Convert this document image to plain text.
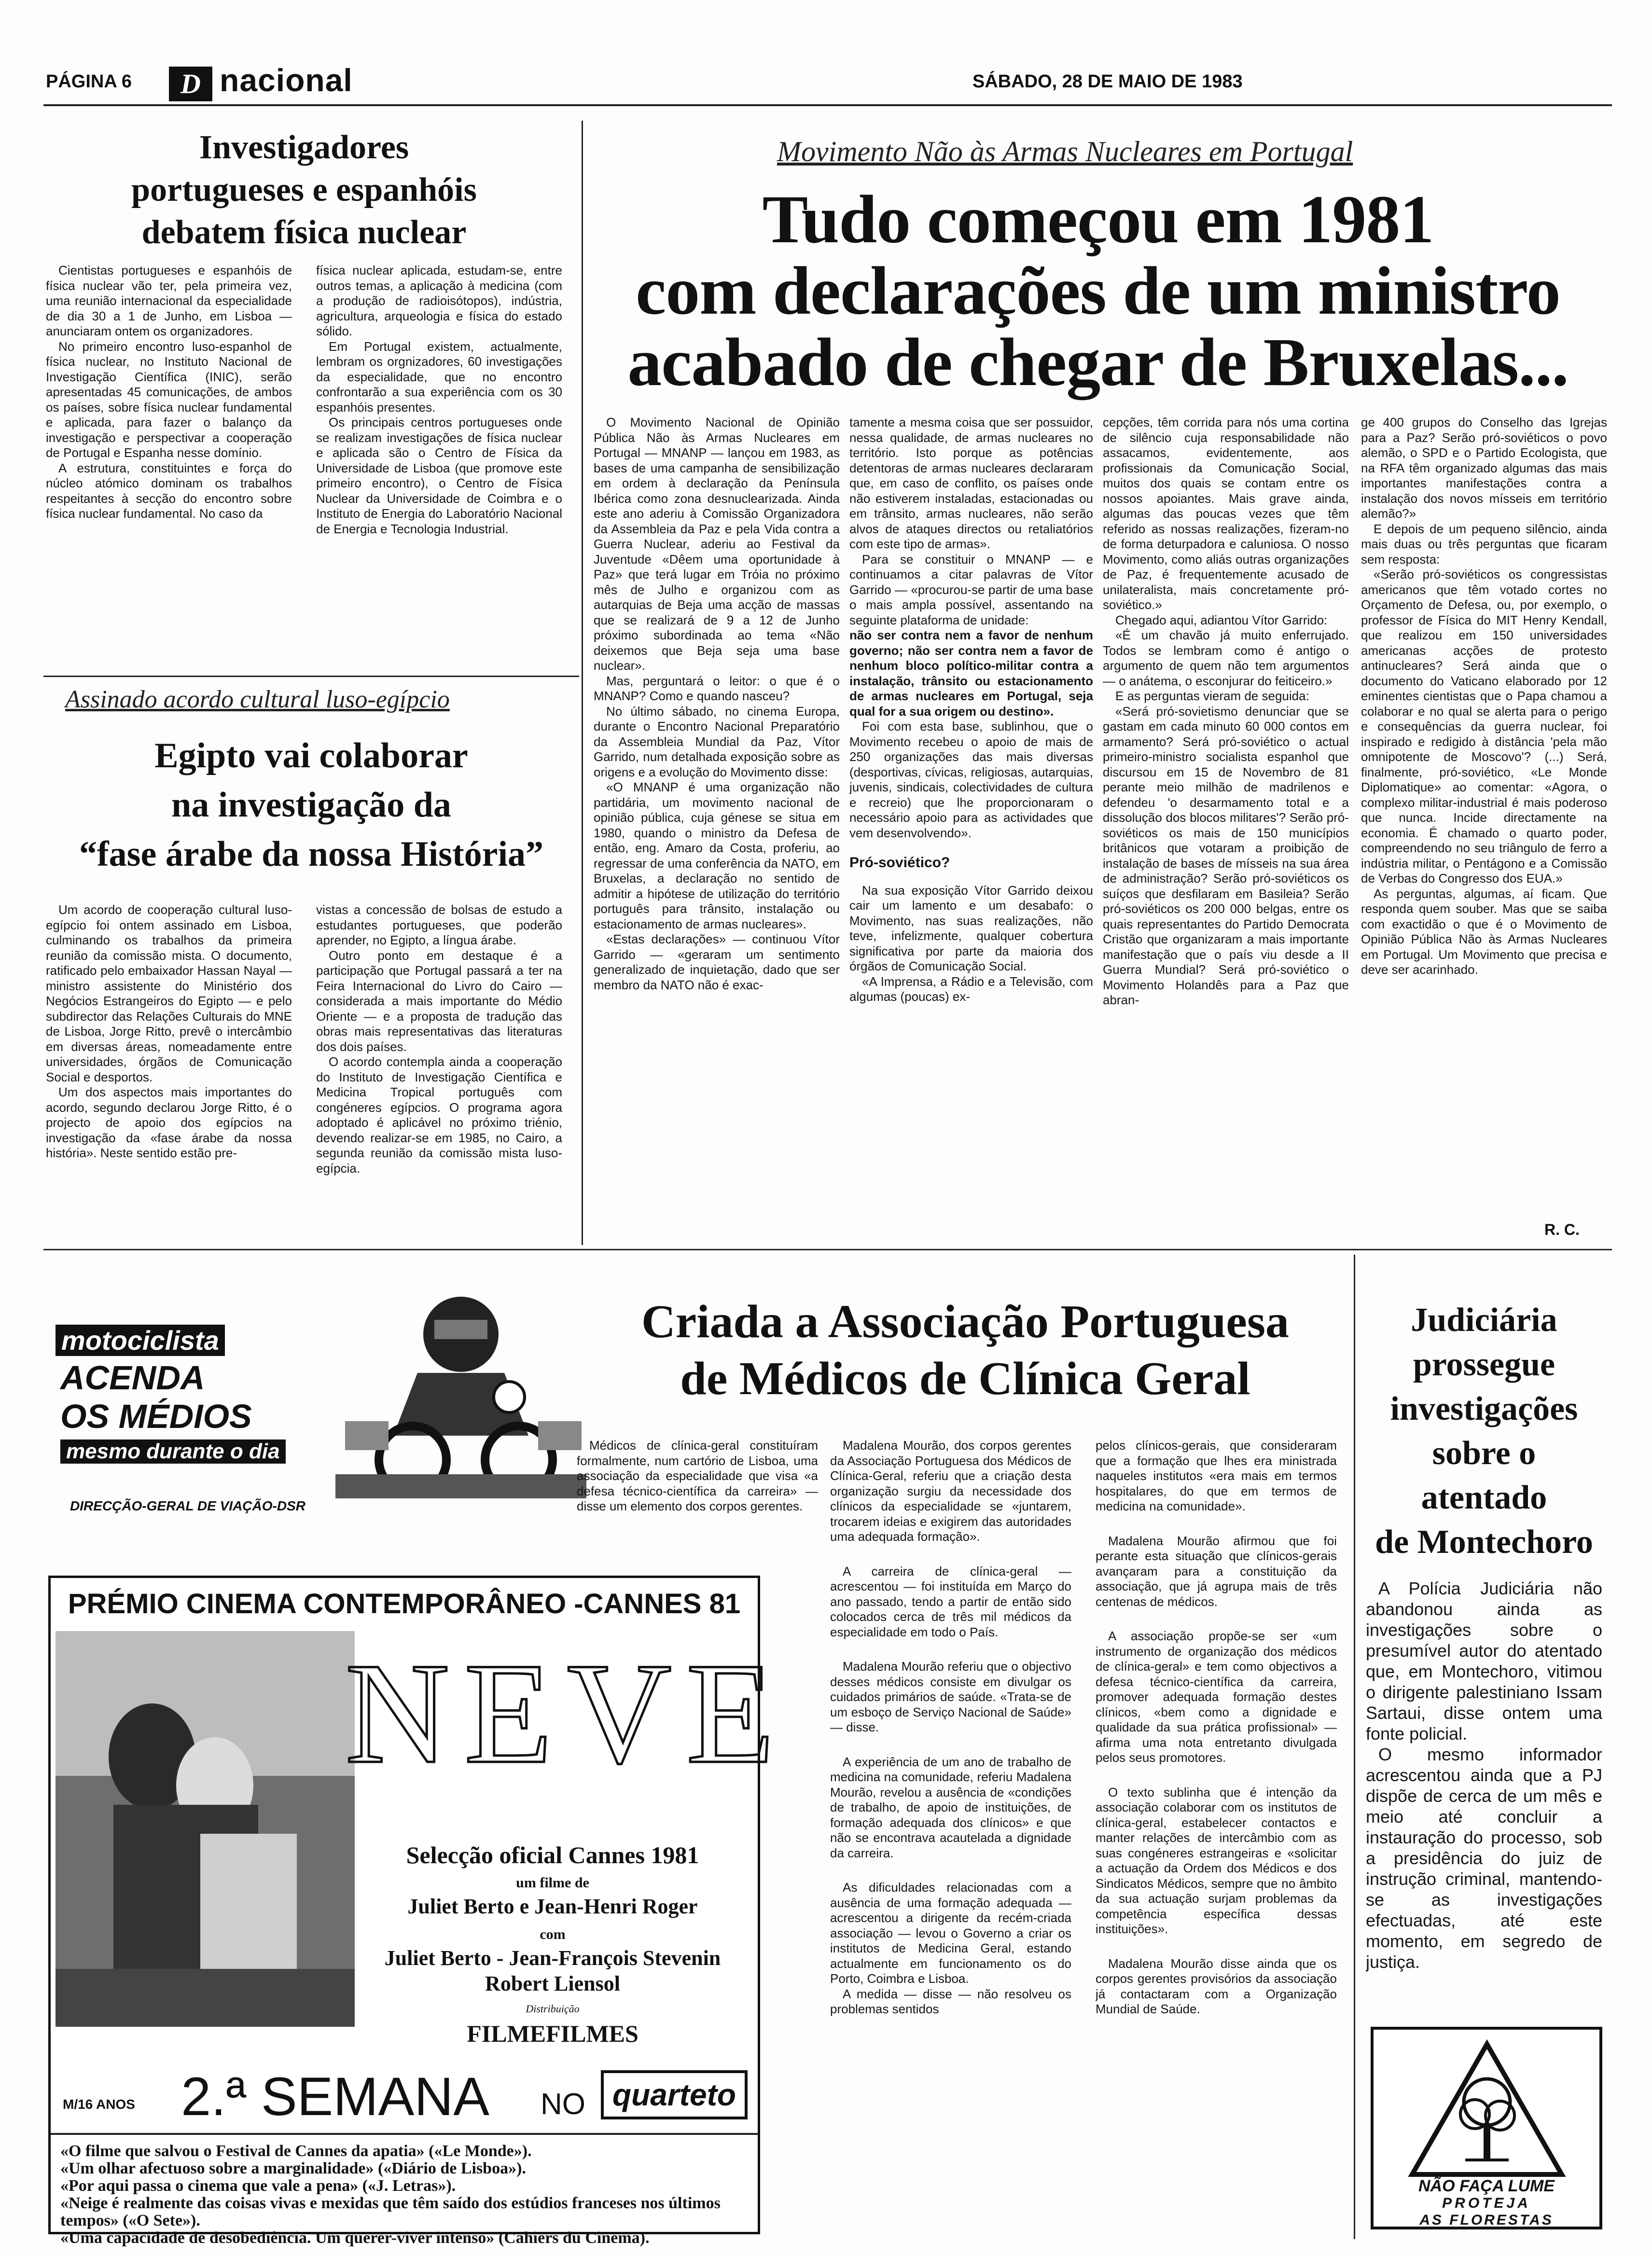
PÁGINA 6	D nacional	SÁBADO, 28 DE MAIO DE 1983
Investigadores
portugueses e espanhóis
debatem física nuclear

Cientistas portugueses e espanhóis de física nuclear vão ter, pela primeira vez, uma reunião internacional da especialidade de dia 30 a 1 de Junho, em Lisboa — anunciaram ontem os organizadores.

No primeiro encontro luso-espanhol de física nuclear, no Instituto Nacional de Investigação Científica (INIC), serão apresentadas 45 comunicações, de ambos os países, sobre física nuclear fundamental e aplicada, para fazer o balanço da investigação e perspectivar a cooperação de Portugal e Espanha nesse domínio.

A estrutura, constituintes e força do núcleo atómico dominam os trabalhos respeitantes à secção do encontro sobre física nuclear fundamental. No caso da

física nuclear aplicada, estudam-se, entre outros temas, a aplicação à medicina (com a produção de radioisótopos), indústria, agricultura, arqueologia e física do estado sólido.

Em Portugal existem, actualmente, lembram os orgnizadores, 60 investigações da especialidade, que no encontro confrontarão a sua experiência com os 30 espanhóis presentes.

Os principais centros portugueses onde se realizam investigações de física nuclear e aplicada são o Centro de Física da Universidade de Lisboa (que promove este primeiro encontro), o Centro de Física Nuclear da Universidade de Coimbra e o Instituto de Energia do Laboratório Nacional de Energia e Tecnologia Industrial.

Assinado acordo cultural luso-egípcio
Egipto vai colaborar
na investigação da
“fase árabe da nossa História”

Um acordo de cooperação cultural luso-egípcio foi ontem assinado em Lisboa, culminando os trabalhos da primeira reunião da comissão mista. O documento, ratificado pelo embaixador Hassan Nayal — ministro assistente do Ministério dos Negócios Estrangeiros do Egipto — e pelo subdirector das Relações Culturais do MNE de Lisboa, Jorge Ritto, prevê o intercâmbio em diversas áreas, nomeadamente entre universidades, órgãos de Comunicação Social e desportos.

Um dos aspectos mais importantes do acordo, segundo declarou Jorge Ritto, é o projecto de apoio dos egípcios na investigação da «fase árabe da nossa história». Neste sentido estão pre-

vistas a concessão de bolsas de estudo a estudantes portugueses, que poderão aprender, no Egipto, a língua árabe.

Outro ponto em destaque é a participação que Portugal passará a ter na Feira Internacional do Livro do Cairo — considerada a mais importante do Médio Oriente — e a proposta de tradução das obras mais representativas das literaturas dos dois países.

O acordo contempla ainda a cooperação do Instituto de Investigação Científica e Medicina Tropical português com congéneres egípcios. O programa agora adoptado é aplicável no próximo triénio, devendo realizar-se em 1985, no Cairo, a segunda reunião da comissão mista luso-egípcia.

Movimento Não às Armas Nucleares em Portugal
Tudo começou em 1981
com declarações de um ministro
acabado de chegar de Bruxelas...

O Movimento Nacional de Opinião Pública Não às Armas Nucleares em Portugal — MNANP — lançou em 1983, as bases de uma campanha de sensibilização em ordem à declaração da Península Ibérica como zona desnuclearizada. Ainda este ano aderiu à Comissão Organizadora da Assembleia da Paz e pela Vida contra a Guerra Nuclear, aderiu ao Festival da Juventude «Dêem uma oportunidade à Paz» que terá lugar em Tróia no próximo mês de Julho e organizou com as autarquias de Beja uma acção de massas que se realizará de 9 a 12 de Junho próximo subordinada ao tema «Não deixemos que Beja seja uma base nuclear».

Mas, perguntará o leitor: o que é o MNANP? Como e quando nasceu?

No último sábado, no cinema Europa, durante o Encontro Nacional Preparatório da Assembleia Mundial da Paz, Vítor Garrido, num detalhada exposição sobre as origens e a evolução do Movimento disse:

«O MNANP é uma organização não partidária, um movimento nacional de opinião pública, cuja génese se situa em 1980, quando o ministro da Defesa de então, eng. Amaro da Costa, proferiu, ao regressar de uma conferência da NATO, em Bruxelas, a declaração no sentido de admitir a hipótese de utilização do território português para trânsito, instalação ou estacionamento de armas nucleares».

«Estas declarações» — continuou Vítor Garrido — «geraram um sentimento generalizado de inquietação, dado que ser membro da NATO não é exac-

tamente a mesma coisa que ser possuidor, nessa qualidade, de armas nucleares no território. Isto porque as potências detentoras de armas nucleares declararam que, em caso de conflito, os países onde não estiverem instaladas, estacionadas ou em trânsito, armas nucleares, não serão alvos de ataques directos ou retaliatórios com este tipo de armas».

Para se constituir o MNANP — e continuamos a citar palavras de Vítor Garrido — «procurou-se partir de uma base o mais ampla possível, assentando na seguinte plataforma de unidade:

não ser contra nem a favor de nenhum governo; não ser contra nem a favor de nenhum bloco político-militar contra a instalação, trânsito ou estacionamento de armas nucleares em Portugal, seja qual for a sua origem ou destino».

Foi com esta base, sublinhou, que o Movimento recebeu o apoio de mais de 250 organizações das mais diversas (desportivas, cívicas, religiosas, autarquias, juvenis, sindicais, colectividades de cultura e recreio) que lhe proporcionaram o necessário apoio para as actividades que vem desenvolvendo».

Pró-soviético?

Na sua exposição Vítor Garrido deixou cair um lamento e um desabafo: o Movimento, nas suas realizações, não teve, infelizmente, qualquer cobertura significativa por parte da maioria dos órgãos de Comunicação Social.

«A Imprensa, a Rádio e a Televisão, com algumas (poucas) ex-

cepções, têm corrida para nós uma cortina de silêncio cuja responsabilidade não assacamos, evidentemente, aos profissionais da Comunicação Social, muitos dos quais se contam entre os nossos apoiantes. Mais grave ainda, algumas das poucas vezes que têm referido as nossas realizações, fizeram-no de forma deturpadora e caluniosa. O nosso Movimento, como aliás outras organizações de Paz, é frequentemente acusado de unilateralista, mais concretamente pró-soviético.»

Chegado aqui, adiantou Vítor Garrido:

«É um chavão já muito enferrujado. Todos se lembram como é antigo o argumento de quem não tem argumentos — o anátema, o esconjurar do feiticeiro.»

E as perguntas vieram de seguida:

«Será pró-sovietismo denunciar que se gastam em cada minuto 60 000 contos em armamento? Será pró-soviético o actual primeiro-ministro socialista espanhol que discursou em 15 de Novembro de 81 perante meio milhão de madrilenos e defendeu 'o desarmamento total e a dissolução dos blocos militares'? Serão pró-soviéticos os mais de 150 municípios britânicos que votaram a proibição de instalação de bases de mísseis na sua área de administração? Serão pró-soviéticos os suíços que desfilaram em Basileia? Serão pró-soviéticos os 200 000 belgas, entre os quais representantes do Partido Democrata Cristão que organizaram a mais importante manifestação que o país viu desde a II Guerra Mundial? Será pró-soviético o Movimento Holandês para a Paz que abran-

ge 400 grupos do Conselho das Igrejas para a Paz? Serão pró-soviéticos o povo alemão, o SPD e o Partido Ecologista, que na RFA têm organizado algumas das mais importantes manifestações contra a instalação dos novos mísseis em território alemão?»

E depois de um pequeno silêncio, ainda mais duas ou três perguntas que ficaram sem resposta:

«Serão pró-soviéticos os congressistas americanos que têm votado cortes no Orçamento de Defesa, ou, por exemplo, o professor de Física do MIT Henry Kendall, que realizou em 150 universidades americanas acções de protesto antinucleares? Será ainda que o documento do Vaticano elaborado por 12 eminentes cientistas que o Papa chamou a colaborar e no qual se alerta para o perigo e consequências da guerra nuclear, foi inspirado e redigido à distância 'pela mão omnipotente de Moscovo'? (...) Será, finalmente, pró-soviético, «Le Monde Diplomatique» ao comentar: «Agora, o complexo militar-industrial é mais poderoso que nunca. Incide directamente na economia. É chamado o quarto poder, compreendendo no seu triângulo de ferro a indústria militar, o Pentágono e a Comissão de Verbas do Congresso dos EUA.»

As perguntas, algumas, aí ficam. Que responda quem souber. Mas que se saiba com exactidão o que é o Movimento de Opinião Pública Não às Armas Nucleares em Portugal. Um Movimento que precisa e deve ser acarinhado.

R. C.
motociclista
ACENDA
OS MÉDIOS
mesmo durante o dia
DIRECÇÃO-GERAL DE VIAÇÃO-DSR
PRÉMIO CINEMA CONTEMPORÂNEO -CANNES 81
NEVE
Selecção oficial Cannes 1981
um filme de
Juliet Berto e Jean-Henri Roger
com
Juliet Berto - Jean-François Stevenin
Robert Liensol
Distribuição
FILMEFILMES
M/16 ANOS 2.ª SEMANA NO quarteto
«O filme que salvou o Festival de Cannes da apatia» («Le Monde»).
«Um olhar afectuoso sobre a marginalidade» («Diário de Lisboa»).
«Por aqui passa o cinema que vale a pena» («J. Letras»).
«Neige é realmente das coisas vivas e mexidas que têm saído dos estúdios franceses nos últimos tempos» («O Sete»).
«Uma capacidade de desobediência. Um querer-viver intenso» (Cahiers du Cinema).
Criada a Associação Portuguesa
de Médicos de Clínica Geral

Médicos de clínica-geral constituíram formalmente, num cartório de Lisboa, uma associação da especialidade que visa «a defesa técnico-científica da carreira» — disse um elemento dos corpos gerentes.

Madalena Mourão, dos corpos gerentes da Associação Portuguesa dos Médicos de Clínica-Geral, referiu que a criação desta organização surgiu da necessidade dos clínicos da especialidade se «juntarem, trocarem ideias e exigirem das autoridades uma adequada formação».

A carreira de clínica-geral — acrescentou — foi instituída em Março do ano passado, tendo a partir de então sido colocados cerca de três mil médicos da especialidade em todo o País.

Madalena Mourão referiu que o objectivo desses médicos consiste em divulgar os cuidados primários de saúde. «Trata-se de um esboço de Serviço Nacional de Saúde» — disse.

A experiência de um ano de trabalho de medicina na comunidade, referiu Madalena Mourão, revelou a ausência de «condições de trabalho, de apoio de instituições, de formação adequada dos clínicos» e que não se encontrava acautelada a dignidade da carreira.

As dificuldades relacionadas com a ausência de uma formação adequada — acrescentou a dirigente da recém-criada associação — levou o Governo a criar os institutos de Medicina Geral, estando actualmente em funcionamento os do Porto, Coimbra e Lisboa.

A medida — disse — não resolveu os problemas sentidos

pelos clínicos-gerais, que consideraram que a formação que lhes era ministrada naqueles institutos «era mais em termos hospitalares, do que em termos de medicina na comunidade».

Madalena Mourão afirmou que foi perante esta situação que clínicos-gerais avançaram para a constituição da associação, que já agrupa mais de três centenas de médicos.

A associação propõe-se ser «um instrumento de organização dos médicos de clínica-geral» e tem como objectivos a defesa técnico-científica da carreira, promover adequada formação destes clínicos, «bem como a dignidade e qualidade da sua prática profissional» — afirma uma nota entretanto divulgada pelos seus promotores.

O texto sublinha que é intenção da associação colaborar com os institutos de clínica-geral, estabelecer contactos e manter relações de intercâmbio com as suas congéneres estrangeiras e «solicitar a actuação da Ordem dos Médicos e dos Sindicatos Médicos, sempre que no âmbito da sua actuação surjam problemas da competência específica dessas instituições».

Madalena Mourão disse ainda que os corpos gerentes provisórios da associação já contactaram com a Organização Mundial de Saúde.

Judiciária
prossegue
investigações
sobre o
atentado
de Montechoro

A Polícia Judiciária não abandonou ainda as investigações sobre o presumível autor do atentado que, em Montechoro, vitimou o dirigente palestiniano Issam Sartaui, disse ontem uma fonte policial.

O mesmo informador acrescentou ainda que a PJ dispõe de cerca de um mês e meio até concluir a instauração do processo, sob a presidência do juiz de instrução criminal, mantendo-se as investigações efectuadas, até este momento, em segredo de justiça.

NÃO FAÇA LUME
PROTEJA
AS FLORESTAS
